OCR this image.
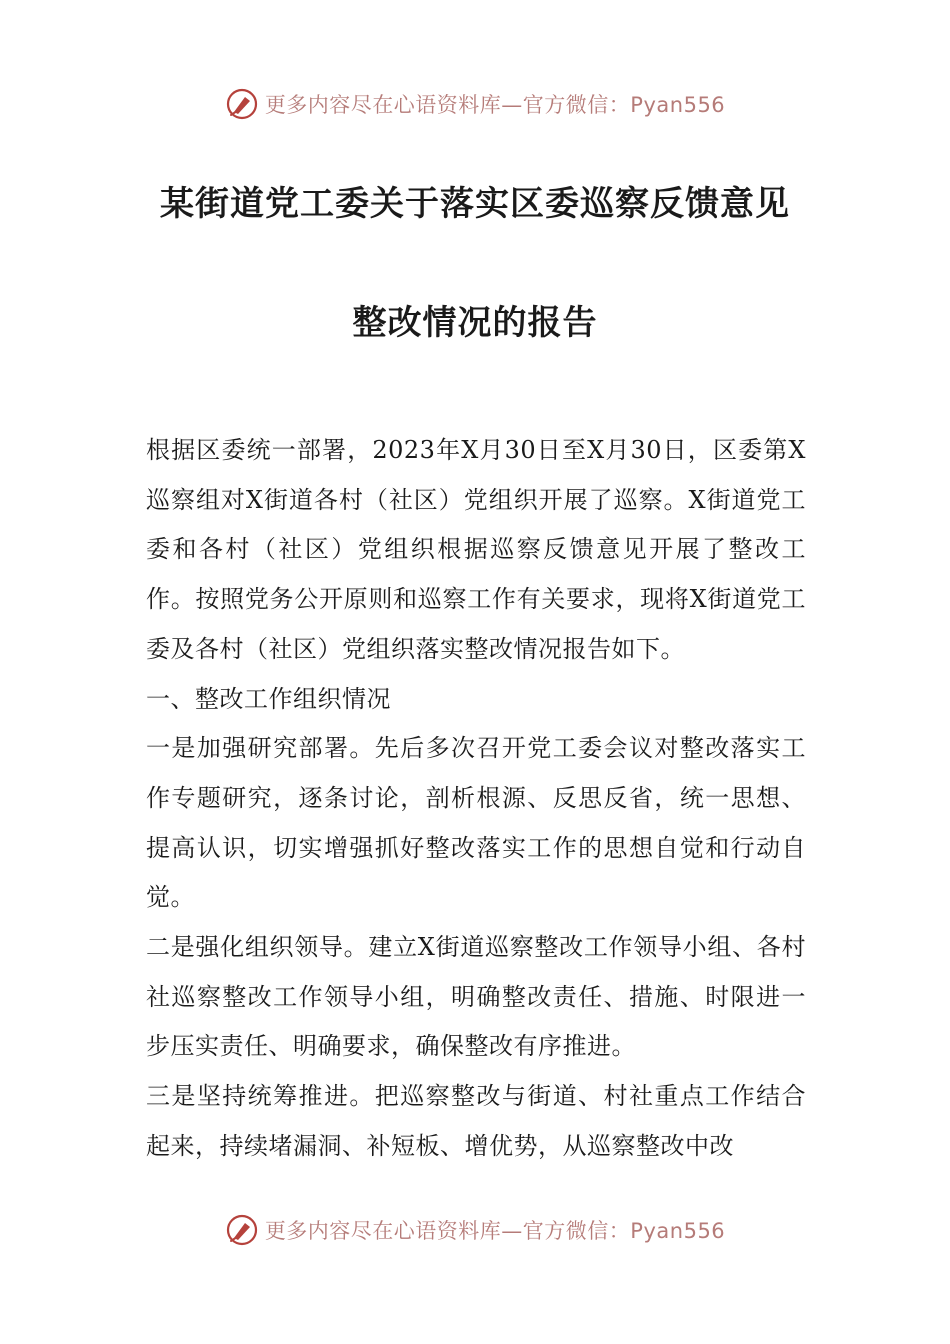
更多内容尽在心语资料库—官方微信：Pyan556
某街道党工委关于落实区委巡察反馈意见
整改情况的报告

根据区委统一部署，2023年X月30日至X月30日，区委第X巡察组对X街道各村（社区）党组织开展了巡察。X街道党工委和各村（社区）党组织根据巡察反馈意见开展了整改工作。按照党务公开原则和巡察工作有关要求，现将X街道党工委及各村（社区）党组织落实整改情况报告如下。

一、整改工作组织情况

一是加强研究部署。先后多次召开党工委会议对整改落实工作专题研究，逐条讨论，剖析根源、反思反省，统一思想、提高认识，切实增强抓好整改落实工作的思想自觉和行动自觉。

二是强化组织领导。建立X街道巡察整改工作领导小组、各村社巡察整改工作领导小组，明确整改责任、措施、时限进一步压实责任、明确要求，确保整改有序推进。

三是坚持统筹推进。把巡察整改与街道、村社重点工作结合起来，持续堵漏洞、补短板、增优势，从巡察整改中改

更多内容尽在心语资料库—官方微信：Pyan556
